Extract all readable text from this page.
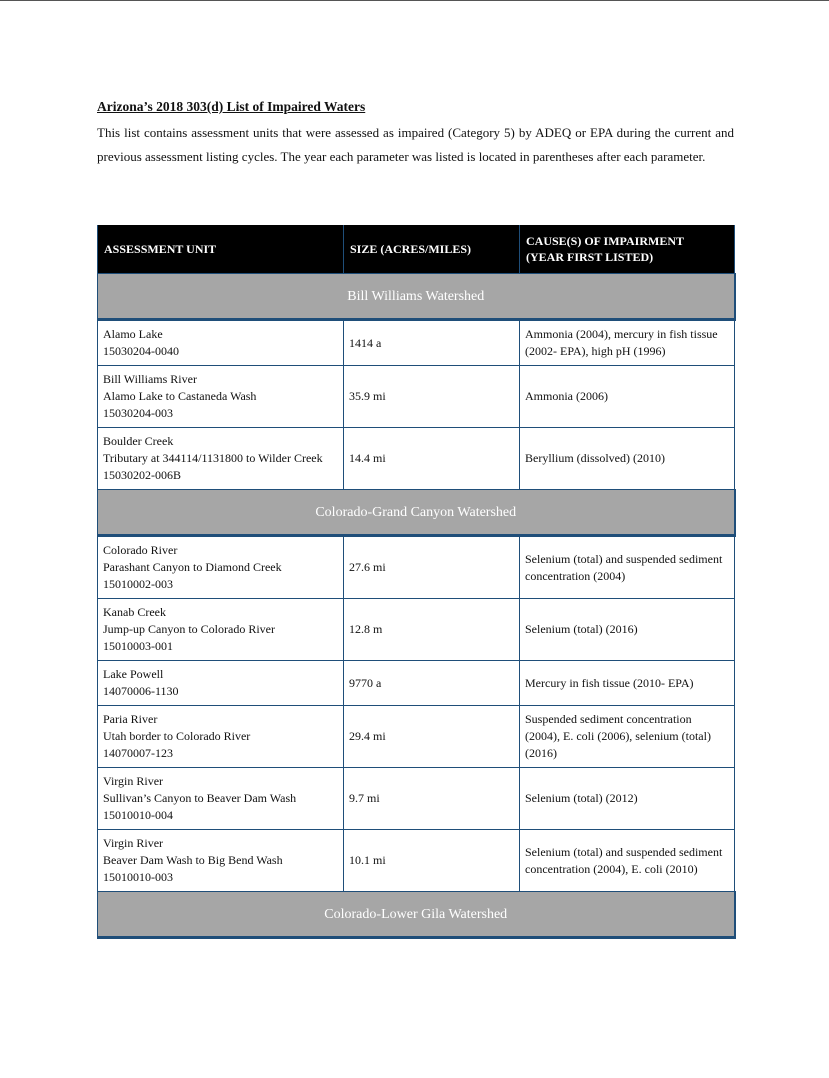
Arizona’s 2018 303(d) List of Impaired Waters
This list contains assessment units that were assessed as impaired (Category 5) by ADEQ or EPA during the current and previous assessment listing cycles. The year each parameter was listed is located in parentheses after each parameter.
ASSESSMENT UNIT	SIZE (ACRES/MILES)	CAUSE(S) OF IMPAIRMENT
(YEAR FIRST LISTED)

Bill Williams Watershed		

Alamo Lake
15030204-0040	1414 a	Ammonia (2004), mercury in fish tissue (2002- EPA), high pH (1996)

Bill Williams River
Alamo Lake to Castaneda Wash
15030204-003	35.9 mi	Ammonia (2006)

Boulder Creek
Tributary at 344114/1131800 to Wilder Creek
15030202-006B	14.4 mi	Beryllium (dissolved) (2010)
Colorado-Grand Canyon Watershed		

Colorado River
Parashant Canyon to Diamond Creek
15010002-003	27.6 mi	Selenium (total) and suspended sediment concentration (2004)

Kanab Creek
Jump-up Canyon to Colorado River
15010003-001	12.8 m	Selenium (total) (2016)

Lake Powell
14070006-1130	9770 a	Mercury in fish tissue (2010- EPA)

Paria River
Utah border to Colorado River
14070007-123	29.4 mi	Suspended sediment concentration (2004), E. coli (2006), selenium (total) (2016)

Virgin River
Sullivan’s Canyon to Beaver Dam Wash
15010010-004	9.7 mi	Selenium (total) (2012)

Virgin River
Beaver Dam Wash to Big Bend Wash
15010010-003	10.1 mi	Selenium (total) and suspended sediment concentration (2004), E. coli (2010)
Colorado-Lower Gila Watershed		
